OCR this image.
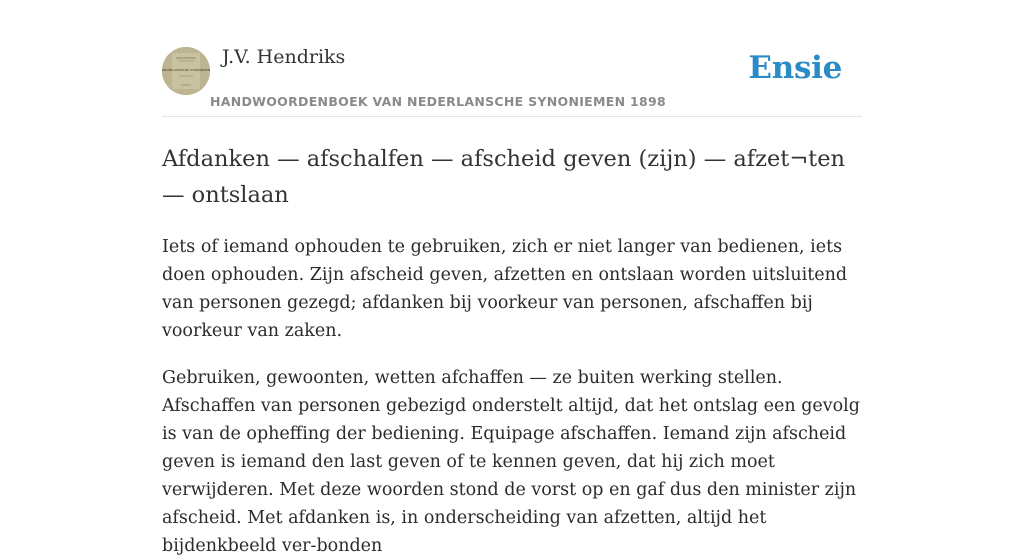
NEDERLANDSCHE SYNONIEMEN
J.V. Hendriks
HANDWOORDENBOEK VAN NEDERLANSCHE SYNONIEMEN 1898
Ensie
Afdanken — afschalfen — afscheid geven (zijn) — afzet¬ten — ontslaan

Iets of iemand ophouden te gebruiken, zich er niet langer van bedienen, iets doen ophouden. Zijn afscheid geven, afzetten en ontslaan worden uitsluitend van personen gezegd; afdanken bij voorkeur van personen, afschaffen bij voorkeur van zaken.

Gebruiken, gewoonten, wetten afchaffen — ze buiten werking stellen. Afschaffen van personen gebezigd onderstelt altijd, dat het ontslag een gevolg is van de opheffing der bediening. Equipage afschaffen. Iemand zijn afscheid geven is iemand den last geven of te kennen geven, dat hij zich moet verwijderen. Met deze woorden stond de vorst op en gaf dus den minister zijn afscheid. Met afdanken is, in onderscheiding van afzetten, altijd het bijdenkbeeld ver-bonden
